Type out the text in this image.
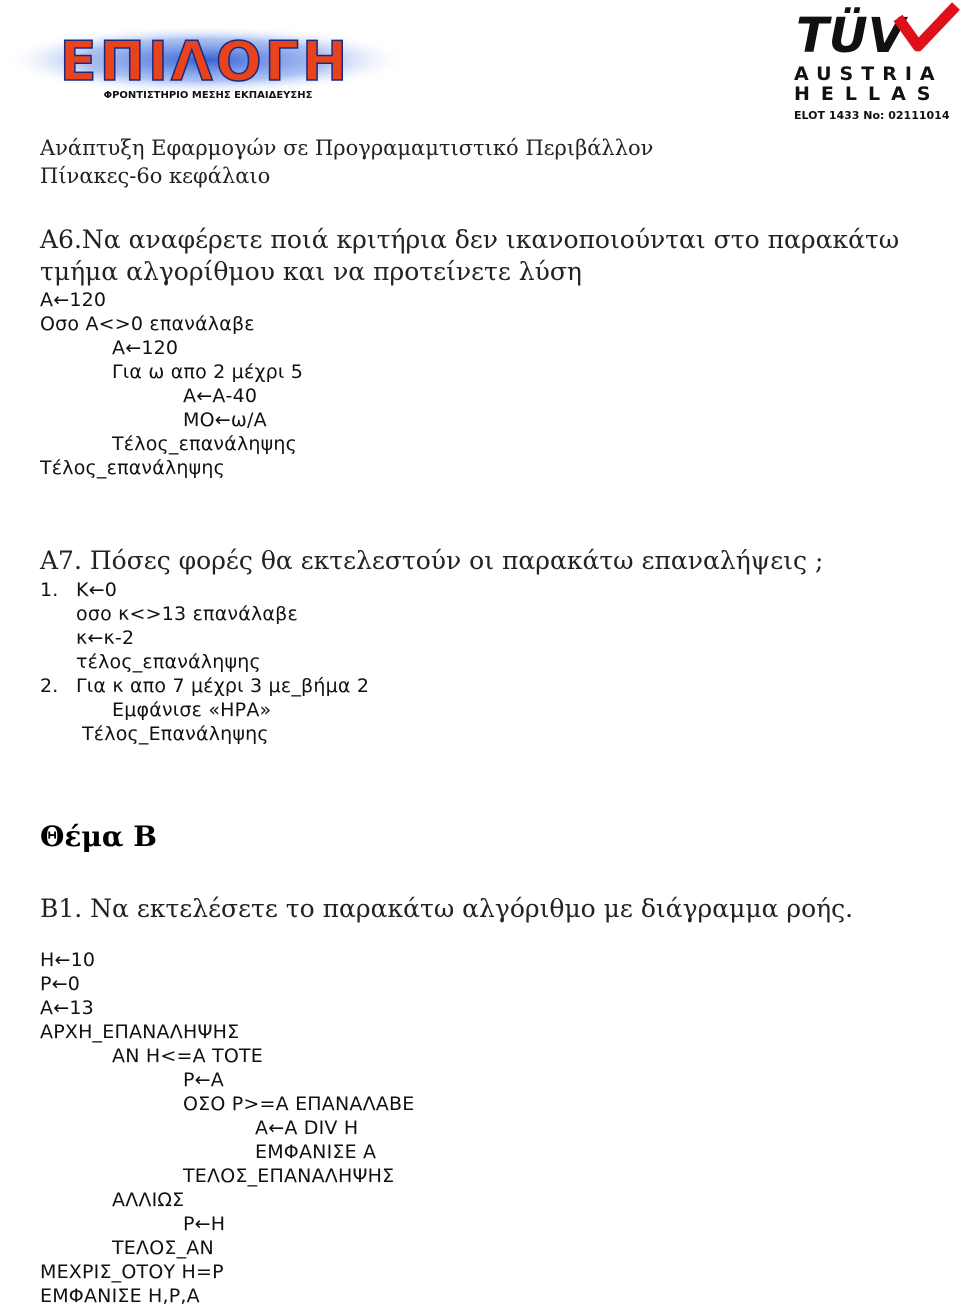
ΕΠΙΛΟΓΗ
ΦΡΟΝΤΙΣΤΗΡΙΟ ΜΕΣΗΣ ΕΚΠΑΙΔΕΥΣΗΣ
TÜV
AUSTRIA
HELLAS
ELOT 1433 No: 02111014
Ανάπτυξη Εφαρμογών σε Προγραμαμτιστικό Περιβάλλον
Πίνακες-6ο κεφάλαιο
Α6.Να αναφέρετε ποιά κριτήρια δεν ικανοποιούνται στο παρακάτω
τμήμα αλγορίθμου και να προτείνετε λύση
Α←120
Οσο Α<>0 επανάλαβε
Α←120
Για ω απο 2 μέχρι 5
Α←Α-40
ΜΟ←ω/Α
Τέλος_επανάληψης
Τέλος_επανάληψης
Α7. Πόσες φορές θα εκτελεστούν οι παρακάτω επαναλήψεις ;
1. Κ←0
οσο κ<>13 επανάλαβε
κ←κ-2
τέλος_επανάληψης
2. Για κ απο 7 μέχρι 3 με_βήμα 2
Εμφάνισε «ΗΡΑ»
Τέλος_Επανάληψης
Θέμα Β
Β1. Να εκτελέσετε το παρακάτω αλγόριθμο με διάγραμμα ροής.
Η←10
Ρ←0
Α←13
ΑΡΧΗ_ΕΠΑΝΑΛΗΨΗΣ
ΑΝ Η<=Α ΤΟΤΕ
Ρ←Α
ΟΣΟ Ρ>=Α ΕΠΑΝΑΛΑΒΕ
Α←Α DIV Η
ΕΜΦΑΝΙΣΕ Α
ΤΕΛΟΣ_ΕΠΑΝΑΛΗΨΗΣ
ΑΛΛΙΩΣ
Ρ←Η
ΤΕΛΟΣ_ΑΝ
ΜΕΧΡΙΣ_ΟΤΟΥ Η=Ρ
ΕΜΦΑΝΙΣΕ Η,Ρ,Α
